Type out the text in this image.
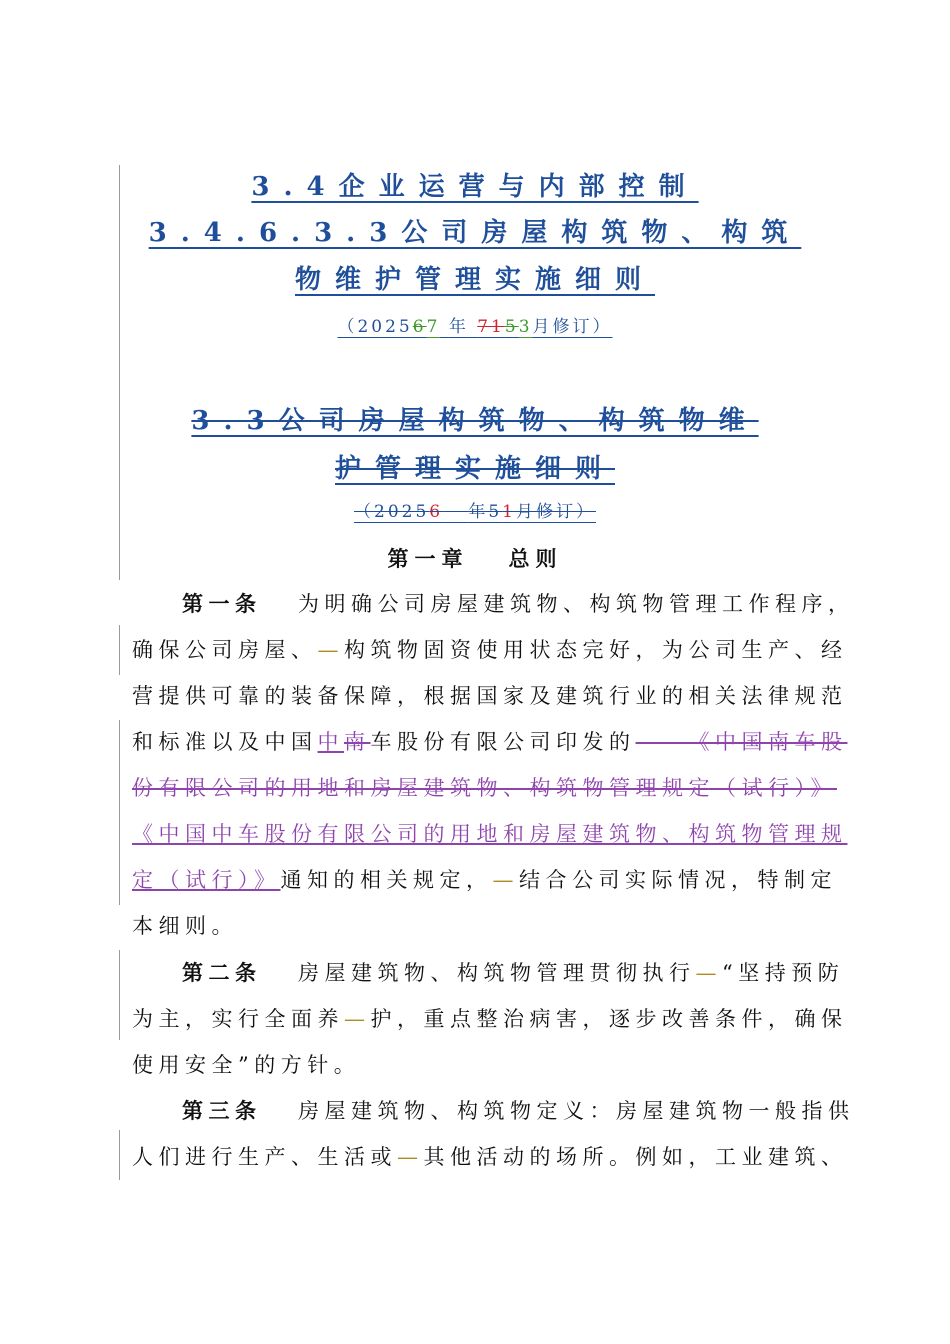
3.4企业运营与内部控制
3.4.6.3.3公司房屋构筑物、构筑
物维护管理实施细则
（202567 年 7153月修订）
3.3公司房屋构筑物、构筑物维
护管理实施细则
（20256 年51月修订）
第一章 总则
第一条 为明确公司房屋建筑物、构筑物管理工作程序，
确保公司房屋、—构筑物固资使用状态完好，为公司生产、经
营提供可靠的装备保障，根据国家及建筑行业的相关法律规范
和标准以及中国中南车股份有限公司印发的——《中国南车股
份有限公司的用地和房屋建筑物、构筑物管理规定（试行）》
《中国中车股份有限公司的用地和房屋建筑物、构筑物管理规
定（试行）》通知的相关规定，—结合公司实际情况，特制定
本细则。
第二条 房屋建筑物、构筑物管理贯彻执行—“坚持预防
为主，实行全面养—护，重点整治病害，逐步改善条件，确保
使用安全”的方针。
第三条 房屋建筑物、构筑物定义：房屋建筑物一般指供
人们进行生产、生活或—其他活动的场所。例如，工业建筑、
